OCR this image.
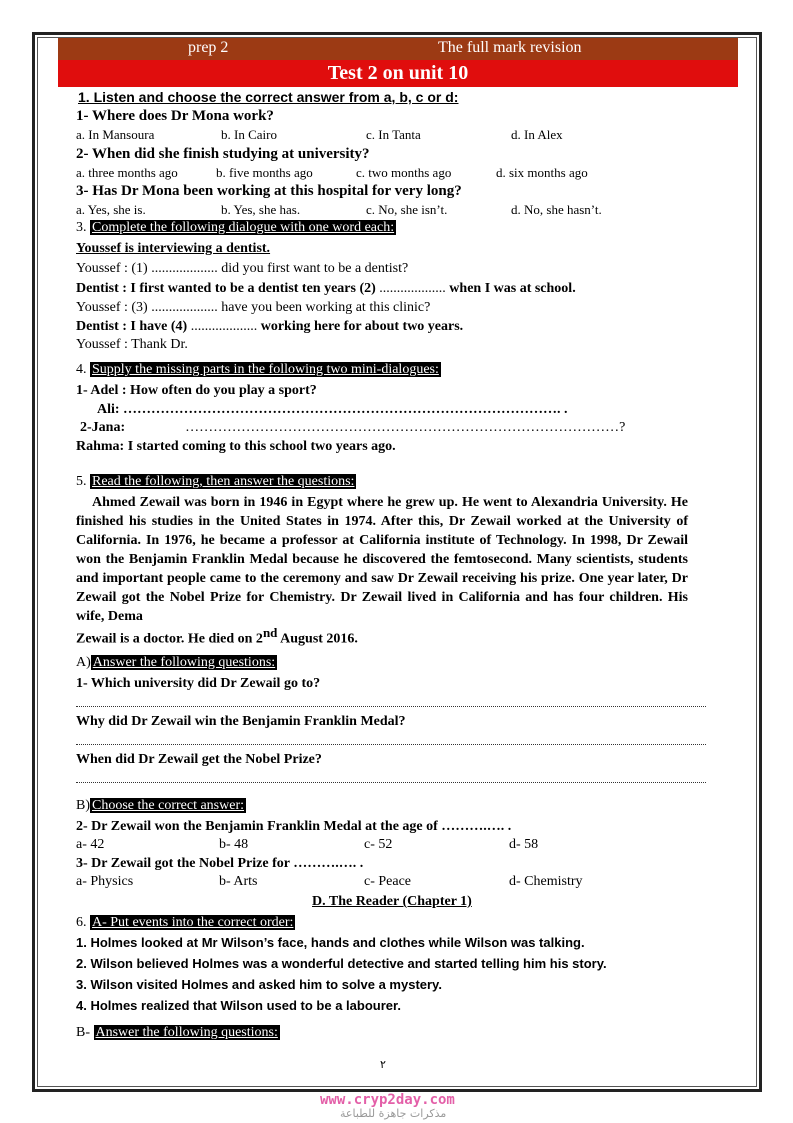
prep 2	The full mark revision
Test 2 on unit 10
1. Listen and choose the correct answer from a, b, c or d:
1- Where does Dr Mona work?
a. In Mansoura	b. In Cairo	c. In Tanta	d. In Alex
2- When did she finish studying at university?
a. three months ago	b. five months ago	c. two months ago	d. six months ago
3- Has Dr Mona been working at this hospital for very long?
a. Yes, she is.	b. Yes, she has.	c. No, she isn’t.	d. No, she hasn’t.
3. Complete the following dialogue with one word each:
Youssef is interviewing a dentist.
Youssef : (1) ................... did you first want to be a dentist?
Dentist : I first wanted to be a dentist ten years (2) ................... when I was at school.
Youssef : (3) ................... have you been working at this clinic?
Dentist : I have (4) ................... working here for about two years.
Youssef : Thank Dr.
4. Supply the missing parts in the following two mini-dialogues:
1- Adel : How often do you play a sport?
Ali: …………………………………………………………………………………. .
2-Jana:	…………………………………………………………………………………?
Rahma: I started coming to this school two years ago.
5. Read the following, then answer the questions:
Ahmed Zewail was born in 1946 in Egypt where he grew up. He went to Alexandria University. He finished his studies in the United States in 1974. After this, Dr Zewail worked at the University of California. In 1976, he became a professor at California institute of Technology. In 1998, Dr Zewail won the Benjamin Franklin Medal because he discovered the femtosecond. Many scientists, students and important people came to the ceremony and saw Dr Zewail receiving his prize. One year later, Dr Zewail got the Nobel Prize for Chemistry. Dr Zewail lived in California and has four children. His wife, Dema
Zewail is a doctor. He died on 2nd August 2016.
A) Answer the following questions:
1- Which university did Dr Zewail go to?
Why did Dr Zewail win the Benjamin Franklin Medal?
When did Dr Zewail get the Nobel Prize?
B) Choose the correct answer:
2- Dr Zewail won the Benjamin Franklin Medal at the age of ……….…. .
a- 42	b- 48	c- 52	d- 58
3- Dr Zewail got the Nobel Prize for ……….…. .
a- Physics	b- Arts	c- Peace	d- Chemistry
D. The Reader (Chapter 1)
6. A- Put events into the correct order:
1. Holmes looked at Mr Wilson’s face, hands and clothes while Wilson was talking.
2. Wilson believed Holmes was a wonderful detective and started telling him his story.
3. Wilson visited Holmes and asked him to solve a mystery.
4. Holmes realized that Wilson used to be a labourer.
B- Answer the following questions:
٢
www.cryp2day.com
مذكرات جاهزة للطباعة
